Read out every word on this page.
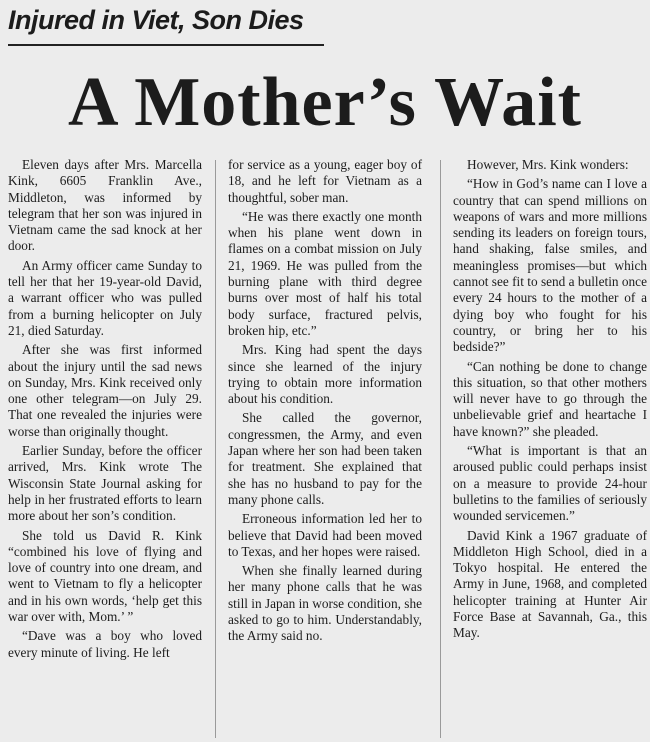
Injured in Viet, Son Dies
A Mother’s Wait

Eleven days after Mrs. Marcella Kink, 6605 Franklin Ave., Middleton, was informed by telegram that her son was injured in Vietnam came the sad knock at her door.

An Army officer came Sunday to tell her that her 19-year-old David, a warrant officer who was pulled from a burning helicopter on July 21, died Saturday.

After she was first informed about the injury until the sad news on Sunday, Mrs. Kink received only one other telegram—on July 29. That one revealed the injuries were worse than originally thought.

Earlier Sunday, before the officer arrived, Mrs. Kink wrote The Wisconsin State Journal asking for help in her frustrated efforts to learn more about her son’s condition.

She told us David R. Kink “combined his love of flying and love of country into one dream, and went to Vietnam to fly a helicopter and in his own words, ‘help get this war over with, Mom.’ ”

“Dave was a boy who loved every minute of living. He left

for service as a young, eager boy of 18, and he left for Vietnam as a thoughtful, sober man.

“He was there exactly one month when his plane went down in flames on a combat mission on July 21, 1969. He was pulled from the burning plane with third degree burns over most of half his total body surface, fractured pelvis, broken hip, etc.”

Mrs. King had spent the days since she learned of the injury trying to obtain more information about his condition.

She called the governor, congressmen, the Army, and even Japan where her son had been taken for treatment. She explained that she has no husband to pay for the many phone calls.

Erroneous information led her to believe that David had been moved to Texas, and her hopes were raised.

When she finally learned during her many phone calls that he was still in Japan in worse condition, she asked to go to him. Understandably, the Army said no.

However, Mrs. Kink wonders:

“How in God’s name can I love a country that can spend millions on weapons of wars and more millions sending its leaders on foreign tours, hand shaking, false smiles, and meaningless promises—but which cannot see fit to send a bulletin once every 24 hours to the mother of a dying boy who fought for his country, or bring her to his bedside?”

“Can nothing be done to change this situation, so that other mothers will never have to go through the unbelievable grief and heartache I have known?” she pleaded.

“What is important is that an aroused public could perhaps insist on a measure to provide 24-hour bulletins to the families of seriously wounded servicemen.”

David Kink a 1967 graduate of Middleton High School, died in a Tokyo hospital. He entered the Army in June, 1968, and completed helicopter training at Hunter Air Force Base at Savannah, Ga., this May.
